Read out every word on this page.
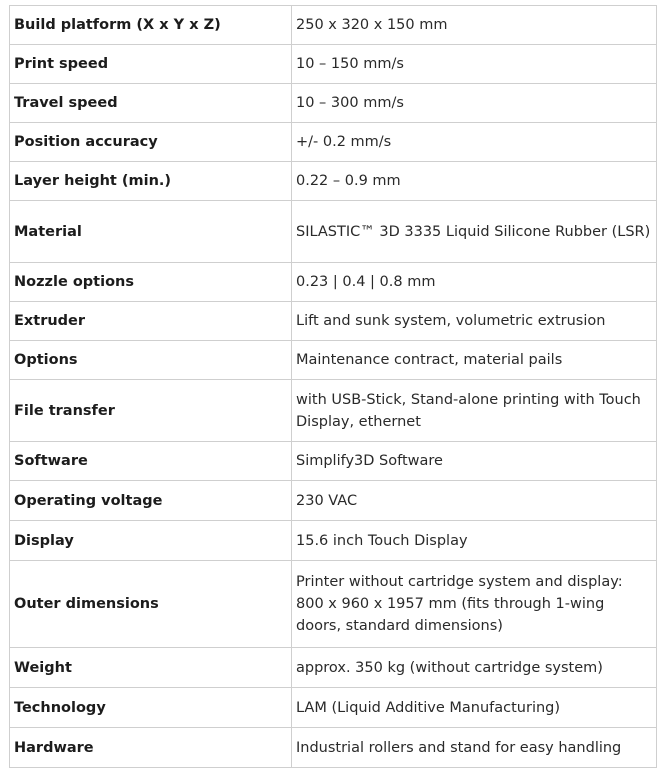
Build platform (X x Y x Z)	250 x 320 x 150 mm
Print speed	10 – 150 mm/s
Travel speed	10 – 300 mm/s
Position accuracy	+/- 0.2 mm/s
Layer height (min.)	0.22 – 0.9 mm
Material	SILASTIC™ 3D 3335 Liquid Silicone Rubber (LSR)
Nozzle options	0.23 | 0.4 | 0.8 mm
Extruder	Lift and sunk system, volumetric extrusion
Options	Maintenance contract, material pails
File transfer	with USB-Stick, Stand-alone printing with Touch Display, ethernet
Software	Simplify3D Software
Operating voltage	230 VAC
Display	15.6 inch Touch Display
Outer dimensions	Printer without cartridge system and display: 800 x 960 x 1957 mm (fits through 1-wing doors, standard dimensions)
Weight	approx. 350 kg (without cartridge system)
Technology	LAM (Liquid Additive Manufacturing)
Hardware	Industrial rollers and stand for easy handling
